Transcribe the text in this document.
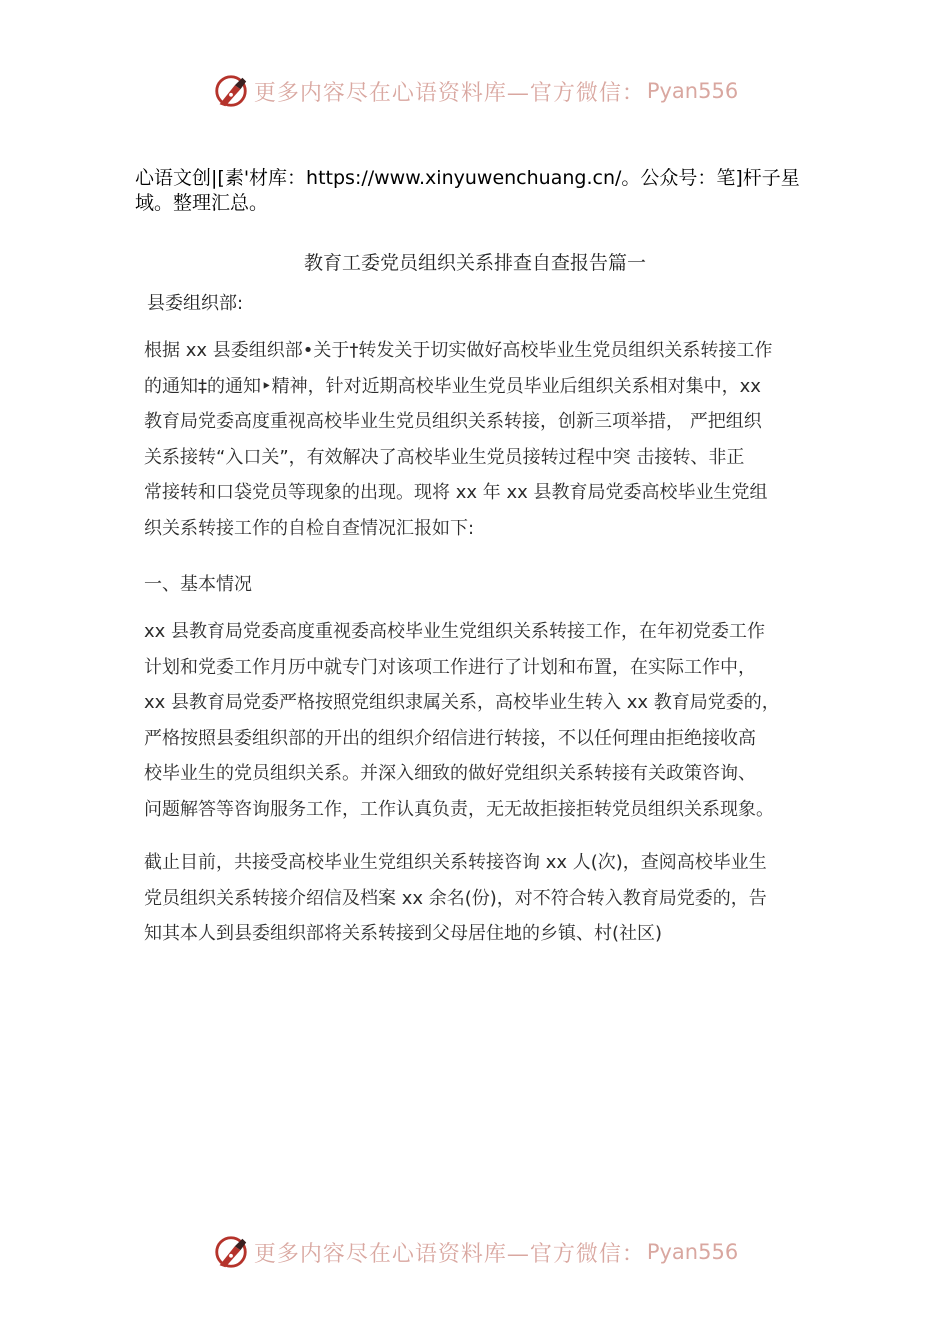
更多内容尽在心语资料库—官方微信： Pyan556
心语文创|[素'材库：https://www.xinyuwenchuang.cn/。公众号：笔]杆子星域。整理汇总。
教育工委党员组织关系排查自查报告篇一
县委组织部:
根据 xx 县委组织部•关于†转发关于切实做好高校毕业生党员组织关系转接工作
的通知‡的通知‣精神，针对近期高校毕业生党员毕业后组织关系相对集中，xx
教育局党委高度重视高校毕业生党员组织关系转接，创新三项举措， 严把组织
关系接转“入口关”，有效解决了高校毕业生党员接转过程中突 击接转、非正
常接转和口袋党员等现象的出现。现将 xx 年 xx 县教育局党委高校毕业生党组
织关系转接工作的自检自查情况汇报如下:
一、基本情况
xx 县教育局党委高度重视委高校毕业生党组织关系转接工作，在年初党委工作
计划和党委工作月历中就专门对该项工作进行了计划和布置，在实际工作中，
xx 县教育局党委严格按照党组织隶属关系，高校毕业生转入 xx 教育局党委的，
严格按照县委组织部的开出的组织介绍信进行转接，不以任何理由拒绝接收高
校毕业生的党员组织关系。并深入细致的做好党组织关系转接有关政策咨询、
问题解答等咨询服务工作，工作认真负责，无无故拒接拒转党员组织关系现象。
截止目前，共接受高校毕业生党组织关系转接咨询 xx 人(次)，查阅高校毕业生
党员组织关系转接介绍信及档案 xx 余名(份)，对不符合转入教育局党委的，告
知其本人到县委组织部将关系转接到父母居住地的乡镇、村(社区)
更多内容尽在心语资料库—官方微信： Pyan556
